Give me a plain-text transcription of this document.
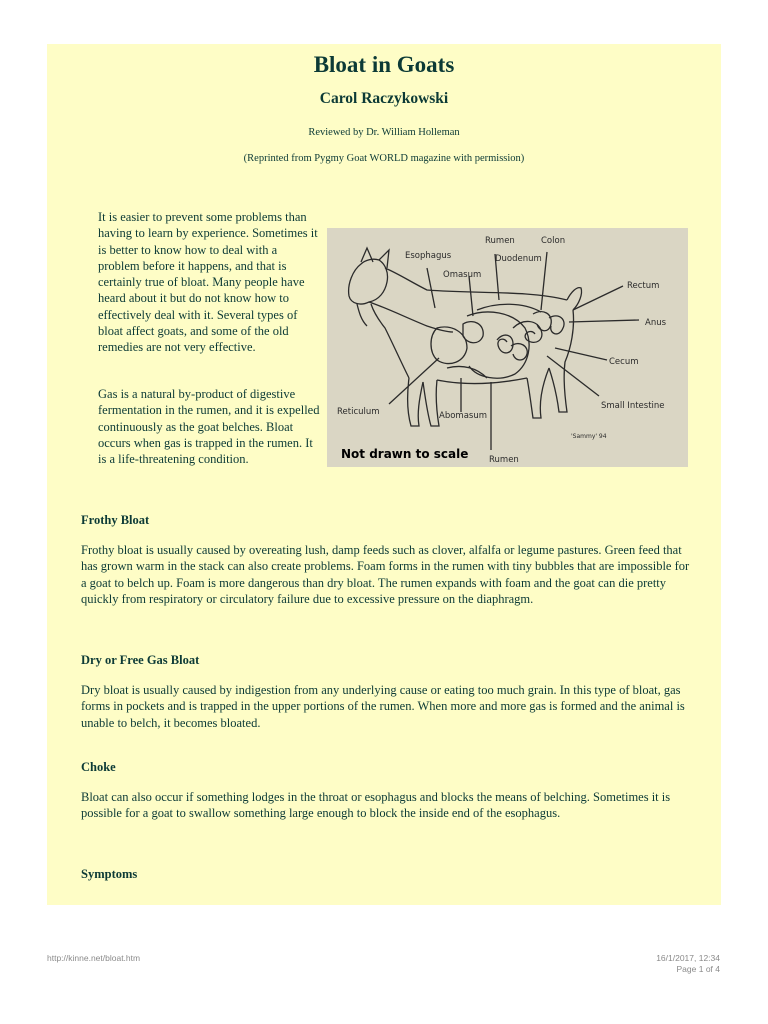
Bloat in Goats
Carol Raczykowski
Reviewed by Dr. William Holleman
(Reprinted from Pygmy Goat WORLD magazine with permission)

It is easier to prevent some problems than having to learn by experience. Sometimes it is better to know how to deal with a problem before it happens, and that is certainly true of bloat. Many people have heard about it but do not know how to effectively deal with it. Several types of bloat affect goats, and some of the old remedies are not very effective.

Gas is a natural by-product of digestive fermentation in the rumen, and it is expelled continuously as the goat belches. Bloat occurs when gas is trapped in the rumen. It is a life-threatening condition.

Esophagus
Rumen	Colon
Omasum
Duodenum
Rectum
Anus
Cecum
Small Intestine
Reticulum	Abomasum
Rumen
'Sammy' 94
Not drawn to scale
Frothy Bloat

Frothy bloat is usually caused by overeating lush, damp feeds such as clover, alfalfa or legume pastures. Green feed that has grown warm in the stack can also create problems. Foam forms in the rumen with tiny bubbles that are impossible for a goat to belch up. Foam is more dangerous than dry bloat. The rumen expands with foam and the goat can die pretty quickly from respiratory or circulatory failure due to excessive pressure on the diaphragm.

Dry or Free Gas Bloat

Dry bloat is usually caused by indigestion from any underlying cause or eating too much grain. In this type of bloat, gas forms in pockets and is trapped in the upper portions of the rumen. When more and more gas is formed and the animal is unable to belch, it becomes bloated.

Choke

Bloat can also occur if something lodges in the throat or esophagus and blocks the means of belching. Sometimes it is possible for a goat to swallow something large enough to block the inside end of the esophagus.

Symptoms
http://kinne.net/bloat.htm	16/1/2017, 12:34
Page 1 of 4
